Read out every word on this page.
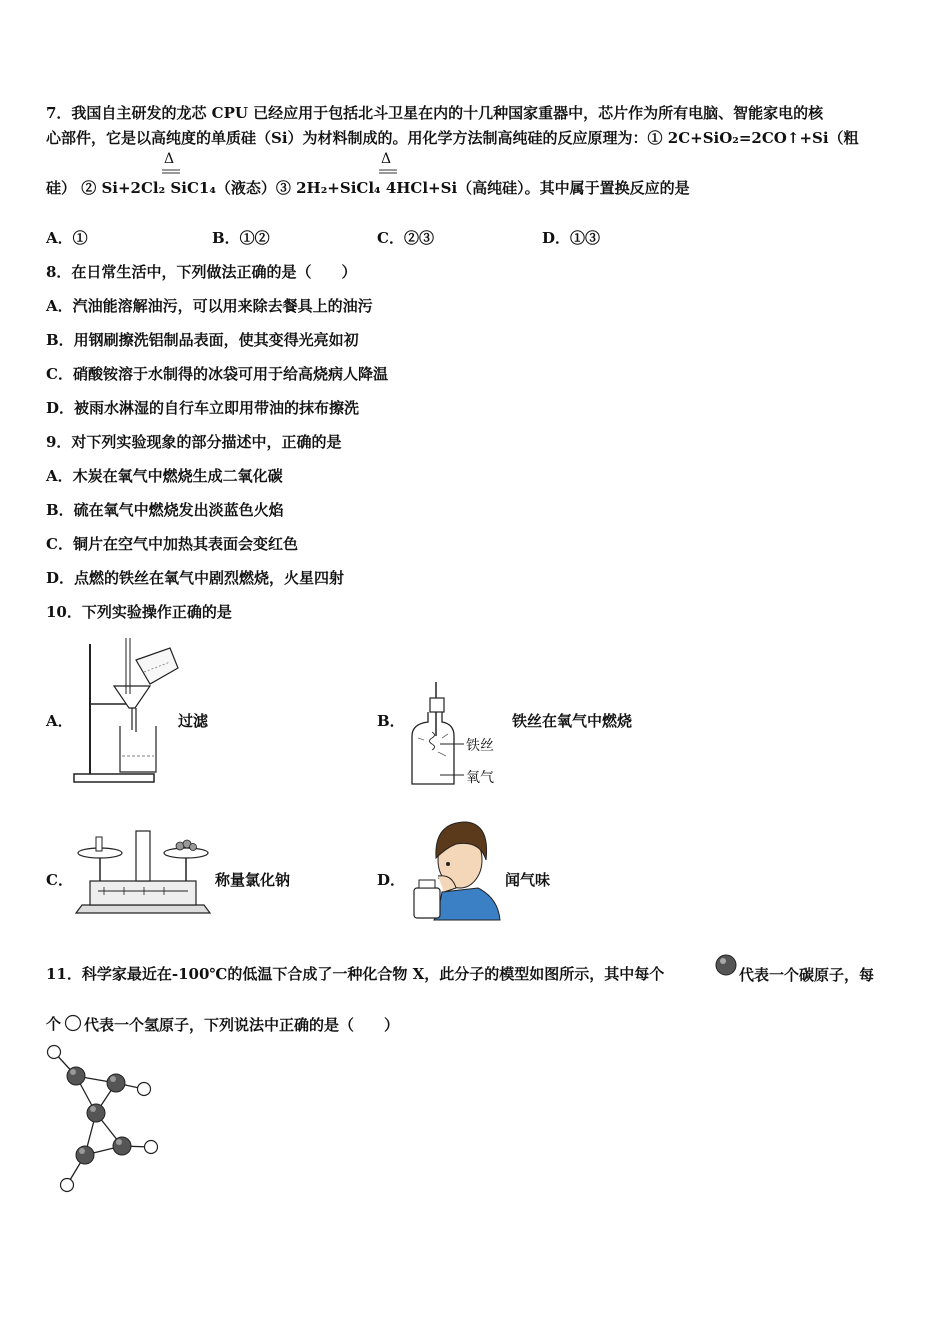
7．我国自主研发的龙芯 CPU 已经应用于包括北斗卫星在内的十几种国家重器中，芯片作为所有电脑、智能家电的核
心部件，它是以高纯度的单质硅（Si）为材料制成的。用化学方法制高纯硅的反应原理为：① 2C+SiO₂=2CO↑+Si（粗
Δ	Δ
硅） ② Si+2Cl₂ SiC1₄（液态）③ 2H₂+SiCl₄ 4HCl+Si（高纯硅）。其中属于置换反应的是
A．①	B．①②	C．②③	D．①③
8．在日常生活中，下列做法正确的是（　　）
A．汽油能溶解油污，可以用来除去餐具上的油污
B．用钢刷擦洗铝制品表面，使其变得光亮如初
C．硝酸铵溶于水制得的冰袋可用于给高烧病人降温
D．被雨水淋湿的自行车立即用带油的抹布擦洗
9．对下列实验现象的部分描述中，正确的是
A．木炭在氧气中燃烧生成二氧化碳
B．硫在氧气中燃烧发出淡蓝色火焰
C．铜片在空气中加热其表面会变红色
D．点燃的铁丝在氧气中剧烈燃烧，火星四射
10．下列实验操作正确的是
A．	过滤	B．
铁丝
氧气
铁丝在氧气中燃烧
C．	称量氯化钠	D．	闻气味
11．科学家最近在-100℃的低温下合成了一种化合物 X，此分子的模型如图所示，其中每个	代表一个碳原子，每
个 代表一个氢原子，下列说法中正确的是（　　）
